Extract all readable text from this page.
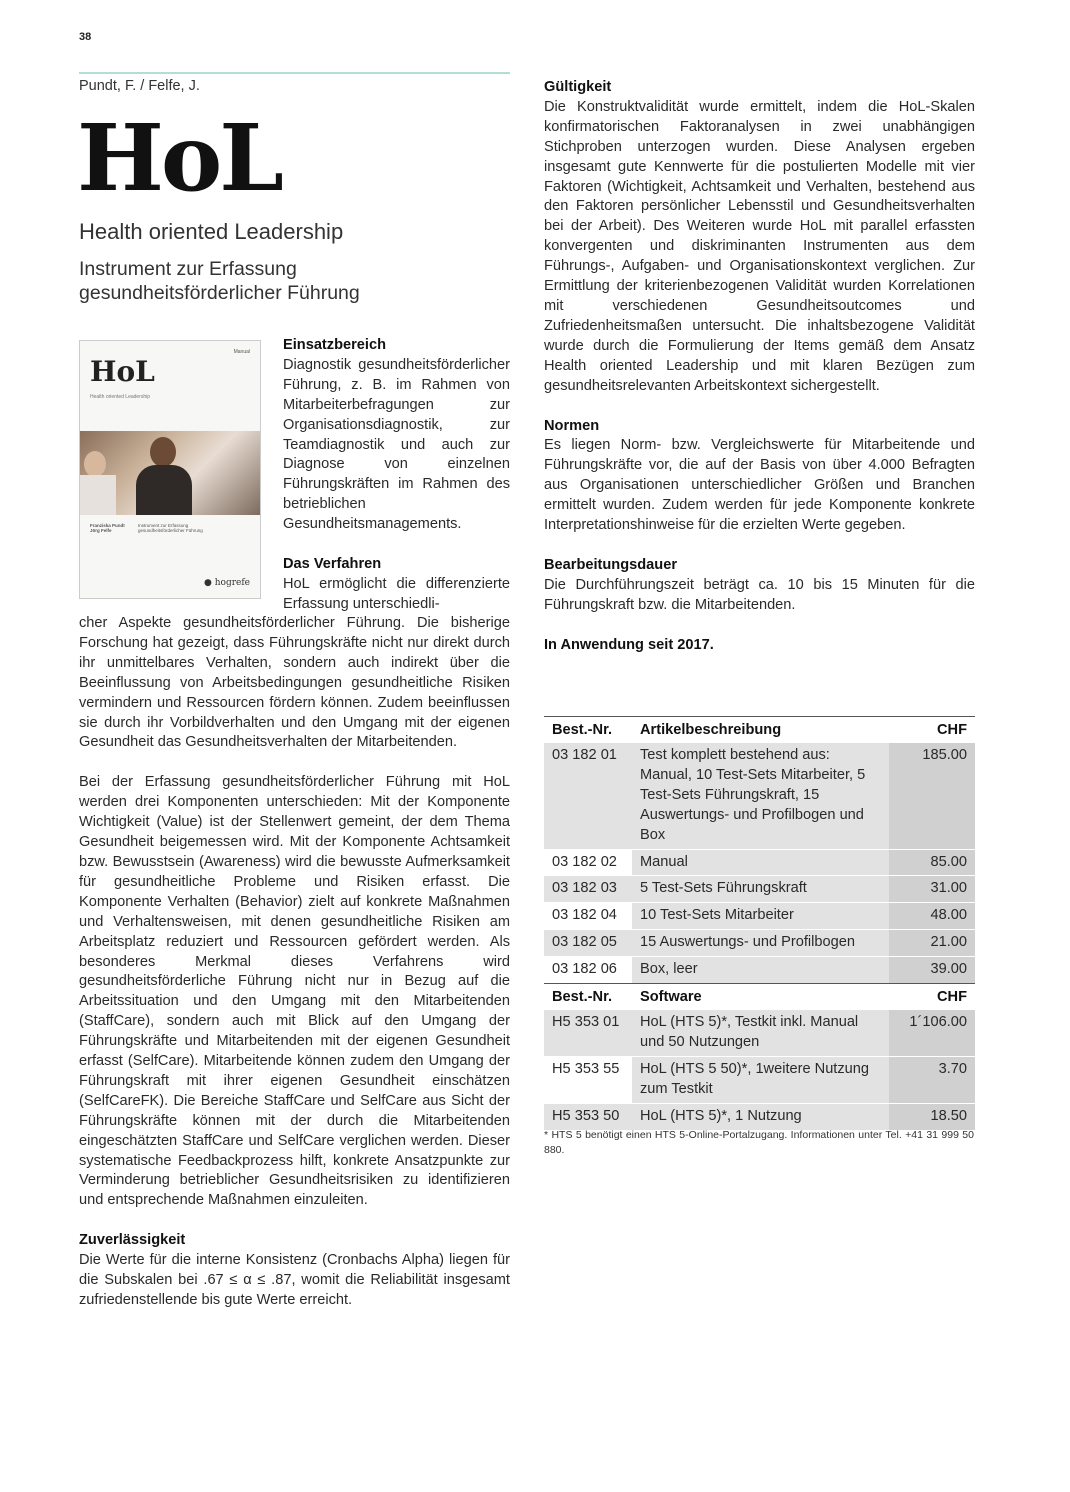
38
Pundt, F. / Felfe, J.
HoL
Health oriented Leadership
Instrument zur Erfassung
gesundheitsförderlicher Führung
Manual
HoL
Health oriented Leadership
Franziska Pundt
Jörg Felfe
Instrument zur Erfassung
gesundheitsförderlicher Führung
● hogrefe
Einsatzbereich
Diagnostik gesundheitsförderlicher Führung, z. B. im Rahmen von Mitarbeiterbefragungen zur Organisationsdiagnostik, zur Teamdiagnostik und auch zur Diagnose von einzelnen Führungskräften im Rahmen des betrieblichen Gesundheitsmanagements.
Das Verfahren
HoL ermöglicht die differenzierte Erfassung unterschiedli-
cher Aspekte gesundheitsförderlicher Führung. Die bisherige Forschung hat gezeigt, dass Führungskräfte nicht nur direkt durch ihr unmittelbares Verhalten, sondern auch indirekt über die Beeinflussung von Arbeitsbedingungen gesundheitliche Risiken vermindern und Ressourcen fördern können. Zudem beeinflussen sie durch ihr Vorbildverhalten und den Umgang mit der eigenen Gesundheit das Gesundheitsverhalten der Mitarbeitenden.
Bei der Erfassung gesundheitsförderlicher Führung mit HoL werden drei Komponenten unterschieden: Mit der Komponente Wichtigkeit (Value) ist der Stellenwert gemeint, der dem Thema Gesundheit beigemessen wird. Mit der Komponente Achtsamkeit bzw. Bewusstsein (Awareness) wird die bewusste Aufmerksamkeit für gesundheitliche Probleme und Risiken erfasst. Die Komponente Verhalten (Behavior) zielt auf konkrete Maßnahmen und Verhaltensweisen, mit denen gesundheitliche Risiken am Arbeitsplatz reduziert und Ressourcen gefördert werden. Als besonderes Merkmal dieses Verfahrens wird gesundheitsförderliche Führung nicht nur in Bezug auf die Arbeitssituation und den Umgang mit den Mitarbeitenden (StaffCare), sondern auch mit Blick auf den Umgang der Führungskräfte und Mitarbeitenden mit der eigenen Gesundheit erfasst (SelfCare). Mitarbeitende können zudem den Umgang der Führungskraft mit ihrer eigenen Gesundheit einschätzen (SelfCareFK). Die Bereiche StaffCare und SelfCare aus Sicht der Führungskräfte können mit der durch die Mitarbeitenden eingeschätzten StaffCare und SelfCare verglichen werden. Dieser systematische Feedbackprozess hilft, konkrete Ansatzpunkte zur Verminderung betrieblicher Gesundheitsrisiken zu identifizieren und entsprechende Maßnahmen einzuleiten.
Zuverlässigkeit
Die Werte für die interne Konsistenz (Cronbachs Alpha) liegen für die Subskalen bei .67 ≤ α ≤ .87, womit die Reliabilität insgesamt zufriedenstellende bis gute Werte erreicht.
Gültigkeit
Die Konstruktvalidität wurde ermittelt, indem die HoL-Skalen konfirmatorischen Faktoranalysen in zwei unabhängigen Stichproben unterzogen wurden. Diese Analysen ergeben insgesamt gute Kennwerte für die postulierten Modelle mit vier Faktoren (Wichtigkeit, Achtsamkeit und Verhalten, bestehend aus den Faktoren persönlicher Lebensstil und Gesundheitsverhalten bei der Arbeit). Des Weiteren wurde HoL mit parallel erfassten konvergenten und diskriminanten Instrumenten aus dem Führungs-, Aufgaben- und Organisationskontext verglichen. Zur Ermittlung der kriterienbezogenen Validität wurden Korrelationen mit verschiedenen Gesundheitsoutcomes und Zufriedenheitsmaßen untersucht. Die inhaltsbezogene Validität wurde durch die Formulierung der Items gemäß dem Ansatz Health oriented Leadership und mit klaren Bezügen zum gesundheitsrelevanten Arbeitskontext sichergestellt.
Normen
Es liegen Norm- bzw. Vergleichswerte für Mitarbeitende und Führungskräfte vor, die auf der Basis von über 4.000 Befragten aus Organisationen unterschiedlicher Größen und Branchen ermittelt wurden. Zudem werden für jede Komponente konkrete Interpretationshinweise für die erzielten Werte gegeben.
Bearbeitungsdauer
Die Durchführungszeit beträgt ca. 10 bis 15 Minuten für die Führungskraft bzw. die Mitarbeitenden.
In Anwendung seit 2017.
Best.-Nr.	Artikelbeschreibung	CHF
03 182 01	Test komplett bestehend aus: Manual, 10 Test-Sets Mitarbeiter, 5 Test-Sets Führungskraft, 15 Auswertungs- und Profilbogen und Box	185.00
03 182 02	Manual	85.00
03 182 03	5 Test-Sets Führungskraft	31.00
03 182 04	10 Test-Sets Mitarbeiter	48.00
03 182 05	15 Auswertungs- und Profilbogen	21.00
03 182 06	Box, leer	39.00
Best.-Nr.	Software	CHF
H5 353 01	HoL (HTS 5)*, Testkit inkl. Manual und 50 Nutzungen	1´106.00
H5 353 55	HoL (HTS 5 50)*, 1weitere Nutzung zum Testkit	3.70
H5 353 50	HoL (HTS 5)*, 1 Nutzung	18.50
* HTS 5 benötigt einen HTS 5-Online-Portalzugang. Informationen unter Tel. +41 31 999 50 880.
